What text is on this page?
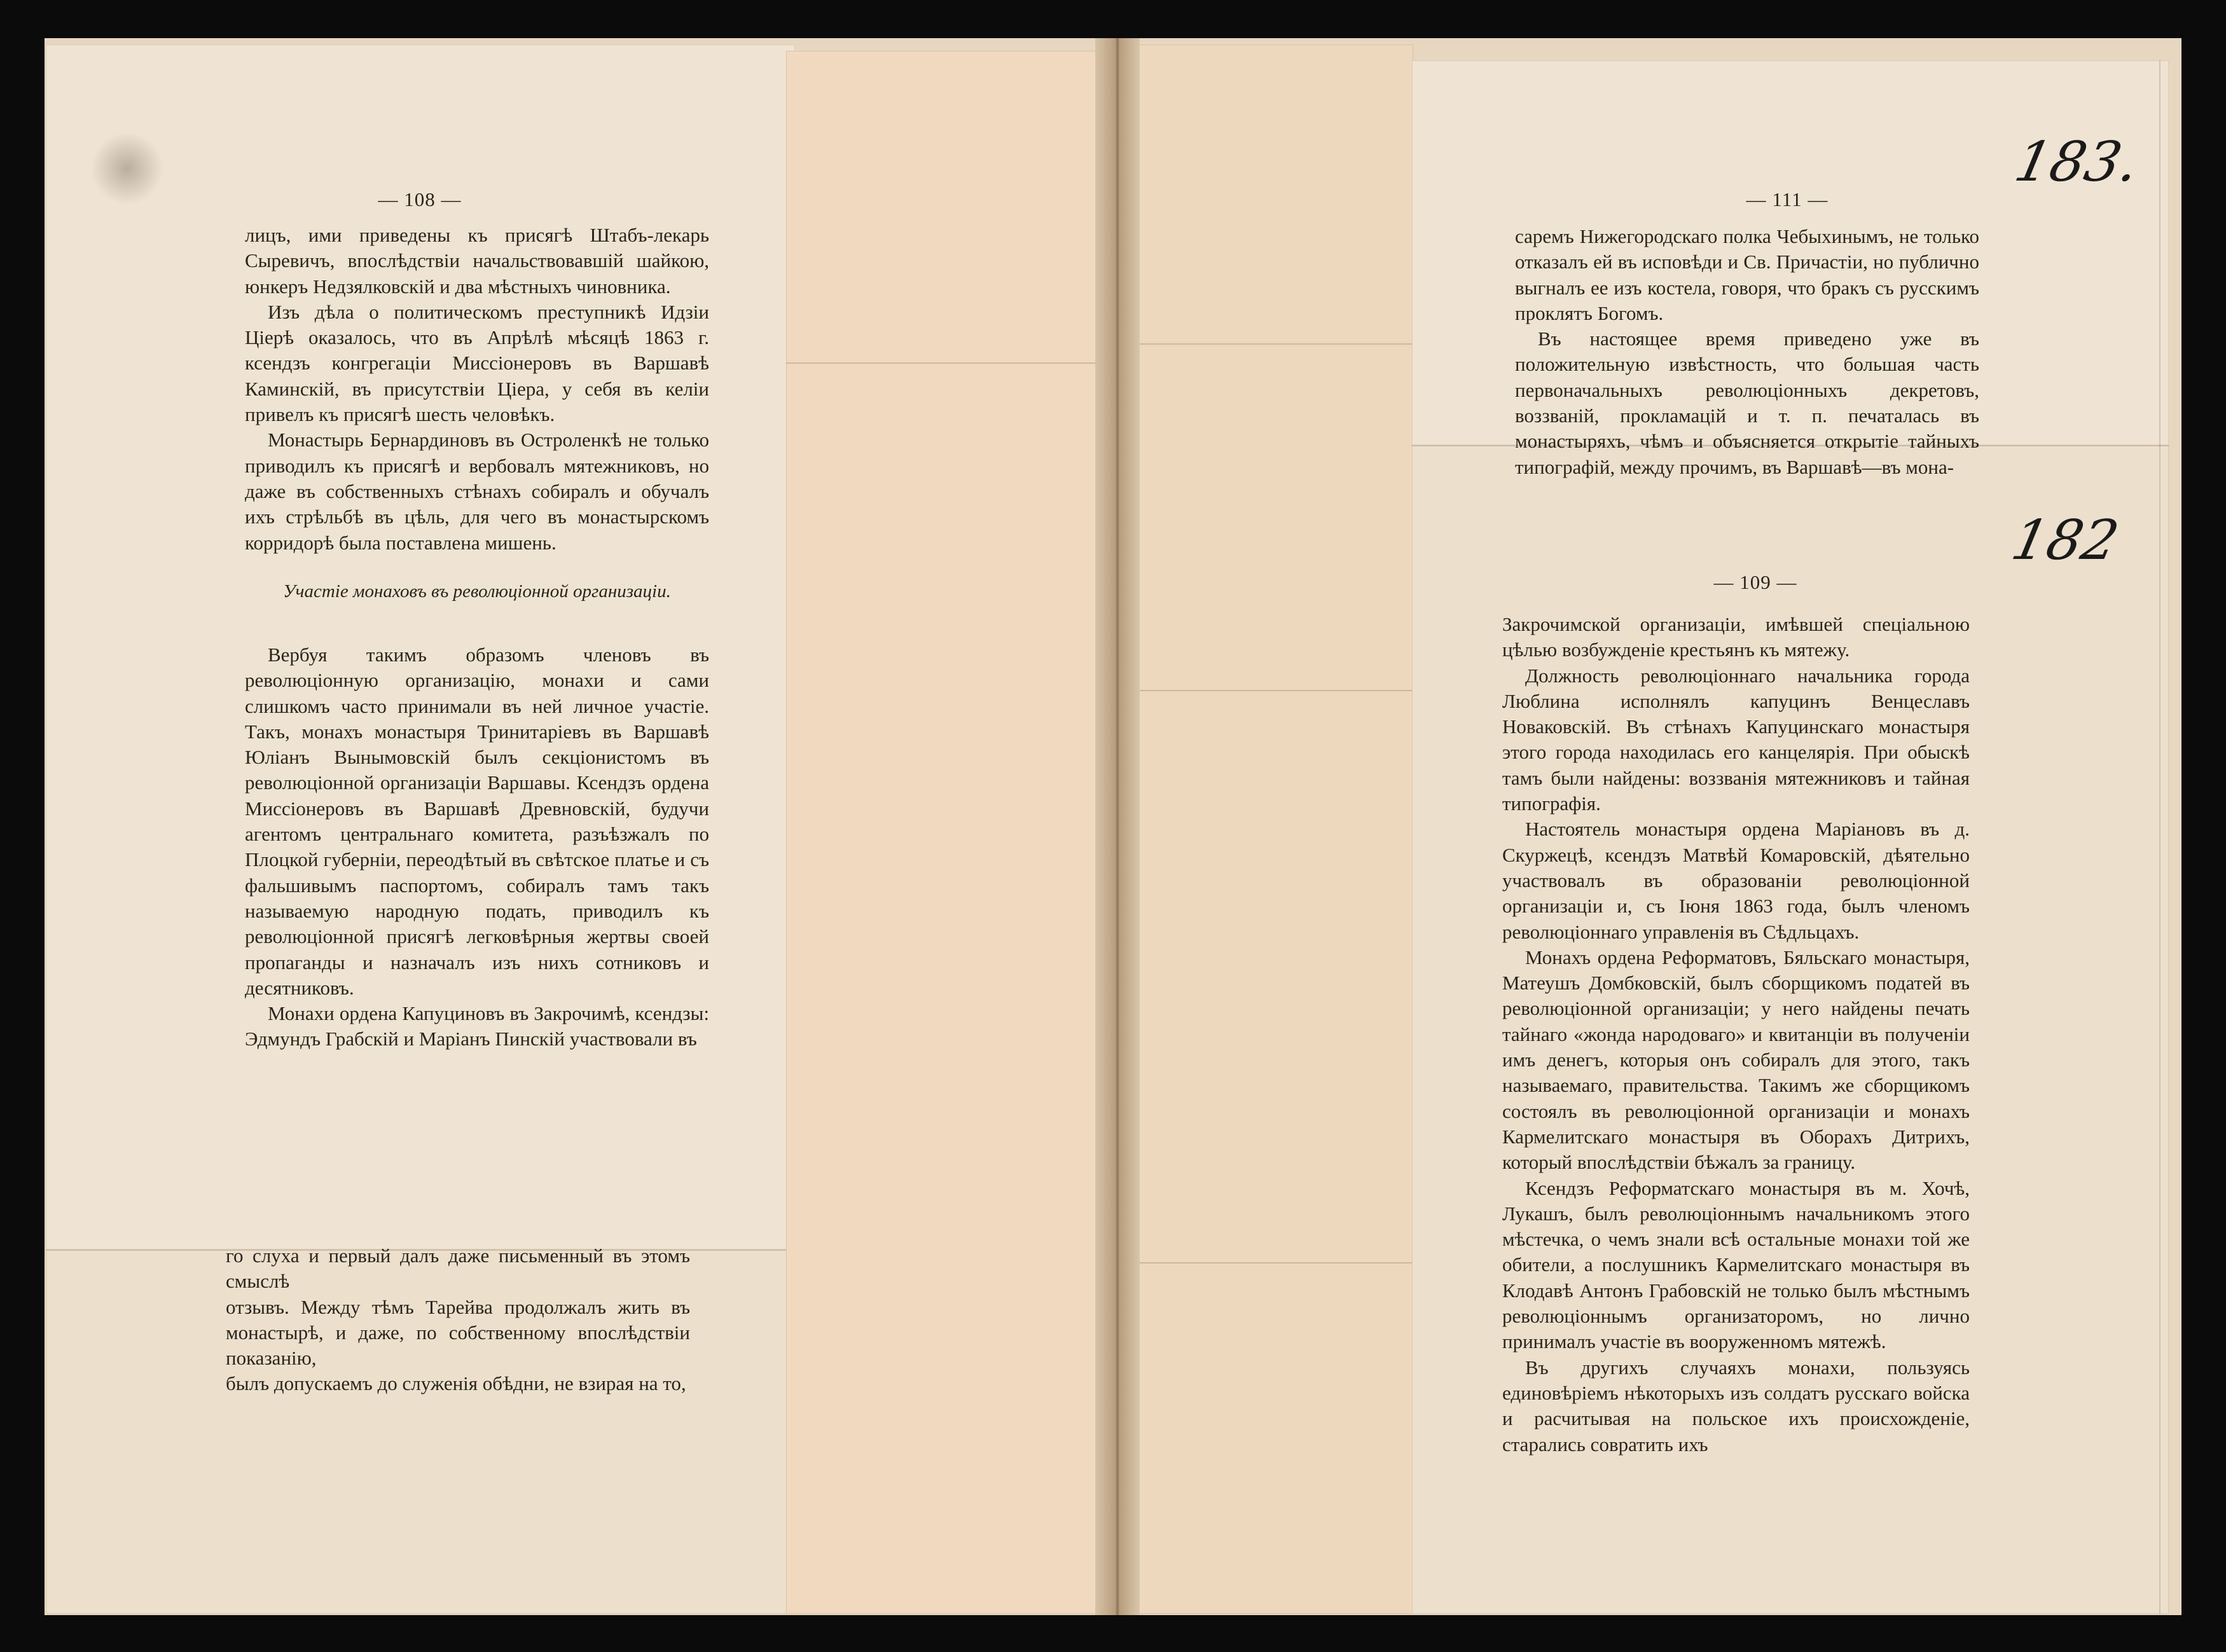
— 108 —

лицъ, ими приведены къ присягѣ Штабъ-лекарь Сыревичъ, впослѣдствiи начальствовавшiй шайкою, юнкеръ Недзялковскiй и два мѣстныхъ чиновника.

Изъ дѣла о политическомъ преступникѣ Идзiи Цiерѣ оказалось, что въ Апрѣлѣ мѣсяцѣ 1863 г. ксендзъ конгрегацiи Миссiонеровъ въ Варшавѣ Каминскiй, въ присутствiи Цiера, у себя въ келiи привелъ къ присягѣ шесть человѣкъ.

Монастырь Бернардиновъ въ Остроленкѣ не только приводилъ къ присягѣ и вербовалъ мятежниковъ, но даже въ собственныхъ стѣнахъ собиралъ и обучалъ ихъ стрѣльбѣ въ цѣль, для чего въ монастырскомъ корридорѣ была поставлена мишень.

Участiе монаховъ въ революцiонной организацiи.

Вербуя такимъ образомъ членовъ въ революцiонную организацiю, монахи и сами слишкомъ часто принимали въ ней личное участiе. Такъ, монахъ монастыря Тринитарiевъ въ Варшавѣ Юлiанъ Вынымовскiй былъ секцiонистомъ въ революцiонной организацiи Варшавы. Ксендзъ ордена Миссiонеровъ въ Варшавѣ Древновскiй, будучи агентомъ центральнаго комитета, разъѣзжалъ по Плоцкой губернiи, переодѣтый въ свѣтское платье и съ фальшивымъ паспортомъ, собиралъ тамъ такъ называемую народную подать, приводилъ къ революцiонной присягѣ легковѣрныя жертвы своей пропаганды и назначалъ изъ нихъ сотниковъ и десятниковъ.

Монахи ордена Капуциновъ въ Закрочимѣ, ксендзы: Эдмундъ Грабскiй и Марiанъ Пинскiй участвовали въ

го слуха и первый далъ даже письменный въ этомъ смыслѣ

отзывъ. Между тѣмъ Тарейва продолжалъ жить въ монастырѣ, и даже, по собственному впослѣдствiи показанiю,

былъ допускаемъ до служенiя обѣдни, не взирая на то,

183.
— 111 —

саремъ Нижегородскаго полка Чебыхинымъ, не только отказалъ ей въ исповѣди и Св. Причастiи, но публично выгналъ ее изъ костела, говоря, что бракъ съ русскимъ проклятъ Богомъ.

Въ настоящее время приведено уже въ положительную извѣстность, что большая часть первоначальныхъ революцiонныхъ декретовъ, воззванiй, прокламацiй и т. п. печаталась въ монастыряхъ, чѣмъ и объясняется открытiе тайныхъ типографiй, между прочимъ, въ Варшавѣ—въ мона-

182
— 109 —

Закрочимской организацiи, имѣвшей спецiальною цѣлью возбужденiе крестьянъ къ мятежу.

Должность революцiоннаго начальника города Люблина исполнялъ капуцинъ Венцеславъ Новаковскiй. Въ стѣнахъ Капуцинскаго монастыря этого города находилась его канцелярiя. При обыскѣ тамъ были найдены: воззванiя мятежниковъ и тайная типографiя.

Настоятель монастыря ордена Марiановъ въ д. Скуржецѣ, ксендзъ Матвѣй Комаровскiй, дѣятельно участвовалъ въ образованiи революцiонной организацiи и, съ Iюня 1863 года, былъ членомъ революцiоннаго управленiя въ Сѣдльцахъ.

Монахъ ордена Реформатовъ, Бяльскаго монастыря, Матеушъ Домбковскiй, былъ сборщикомъ податей въ революцiонной организацiи; у него найдены печать тайнаго «жонда народоваго» и квитанцiи въ полученiи имъ денегъ, которыя онъ собиралъ для этого, такъ называемаго, правительства. Такимъ же сборщикомъ состоялъ въ революцiонной организацiи и монахъ Кармелитскаго монастыря въ Оборахъ Дитрихъ, который впослѣдствiи бѣжалъ за границу.

Ксендзъ Реформатскаго монастыря въ м. Хочѣ, Лукашъ, былъ революцiоннымъ начальникомъ этого мѣстечка, о чемъ знали всѣ остальные монахи той же обители, а послушникъ Кармелитскаго монастыря въ Клодавѣ Антонъ Грабовскiй не только былъ мѣстнымъ революцiоннымъ организаторомъ, но лично принималъ участiе въ вооруженномъ мятежѣ.

Въ другихъ случаяхъ монахи, пользуясь единовѣрiемъ нѣкоторыхъ изъ солдатъ русскаго войска и расчитывая на польское ихъ происхожденiе, старались совратить ихъ
